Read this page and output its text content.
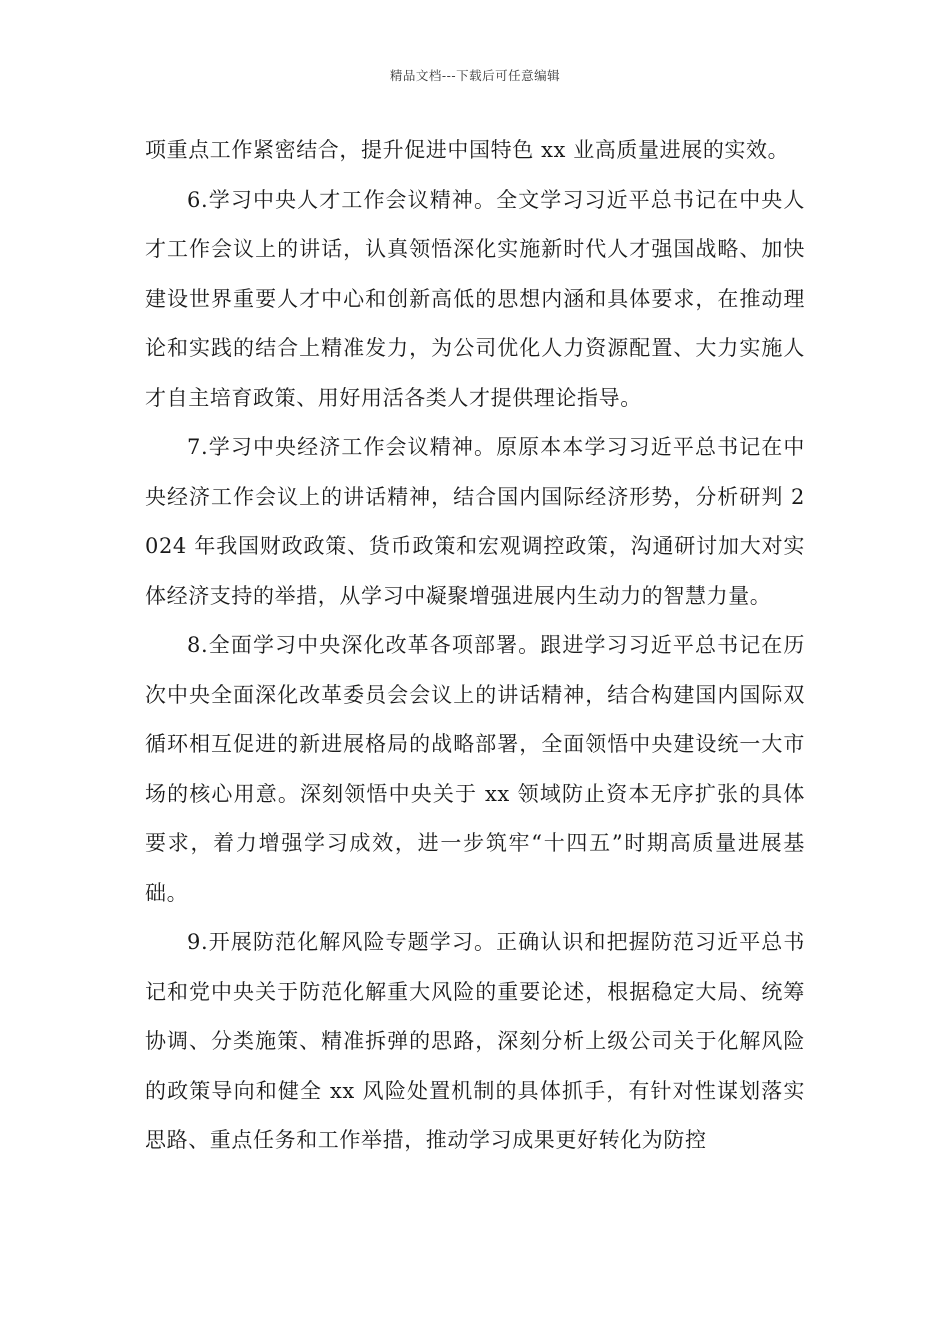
精品文档---下载后可任意编辑

项重点工作紧密结合，提升促进中国特色 xx 业高质量进展的实效。

6.学习中央人才工作会议精神。全文学习习近平总书记在中央人才工作会议上的讲话，认真领悟深化实施新时代人才强国战略、加快建设世界重要人才中心和创新高低的思想内涵和具体要求，在推动理论和实践的结合上精准发力，为公司优化人力资源配置、大力实施人才自主培育政策、用好用活各类人才提供理论指导。

7.学习中央经济工作会议精神。原原本本学习习近平总书记在中央经济工作会议上的讲话精神，结合国内国际经济形势，分析研判 2024 年我国财政政策、货币政策和宏观调控政策，沟通研讨加大对实体经济支持的举措，从学习中凝聚增强进展内生动力的智慧力量。

8.全面学习中央深化改革各项部署。跟进学习习近平总书记在历次中央全面深化改革委员会会议上的讲话精神，结合构建国内国际双循环相互促进的新进展格局的战略部署，全面领悟中央建设统一大市场的核心用意。深刻领悟中央关于 xx 领域防止资本无序扩张的具体要求，着力增强学习成效，进一步筑牢“十四五”时期高质量进展基础。

9.开展防范化解风险专题学习。正确认识和把握防范习近平总书记和党中央关于防范化解重大风险的重要论述，根据稳定大局、统筹协调、分类施策、精准拆弹的思路，深刻分析上级公司关于化解风险的政策导向和健全 xx 风险处置机制的具体抓手，有针对性谋划落实思路、重点任务和工作举措，推动学习成果更好转化为防控
